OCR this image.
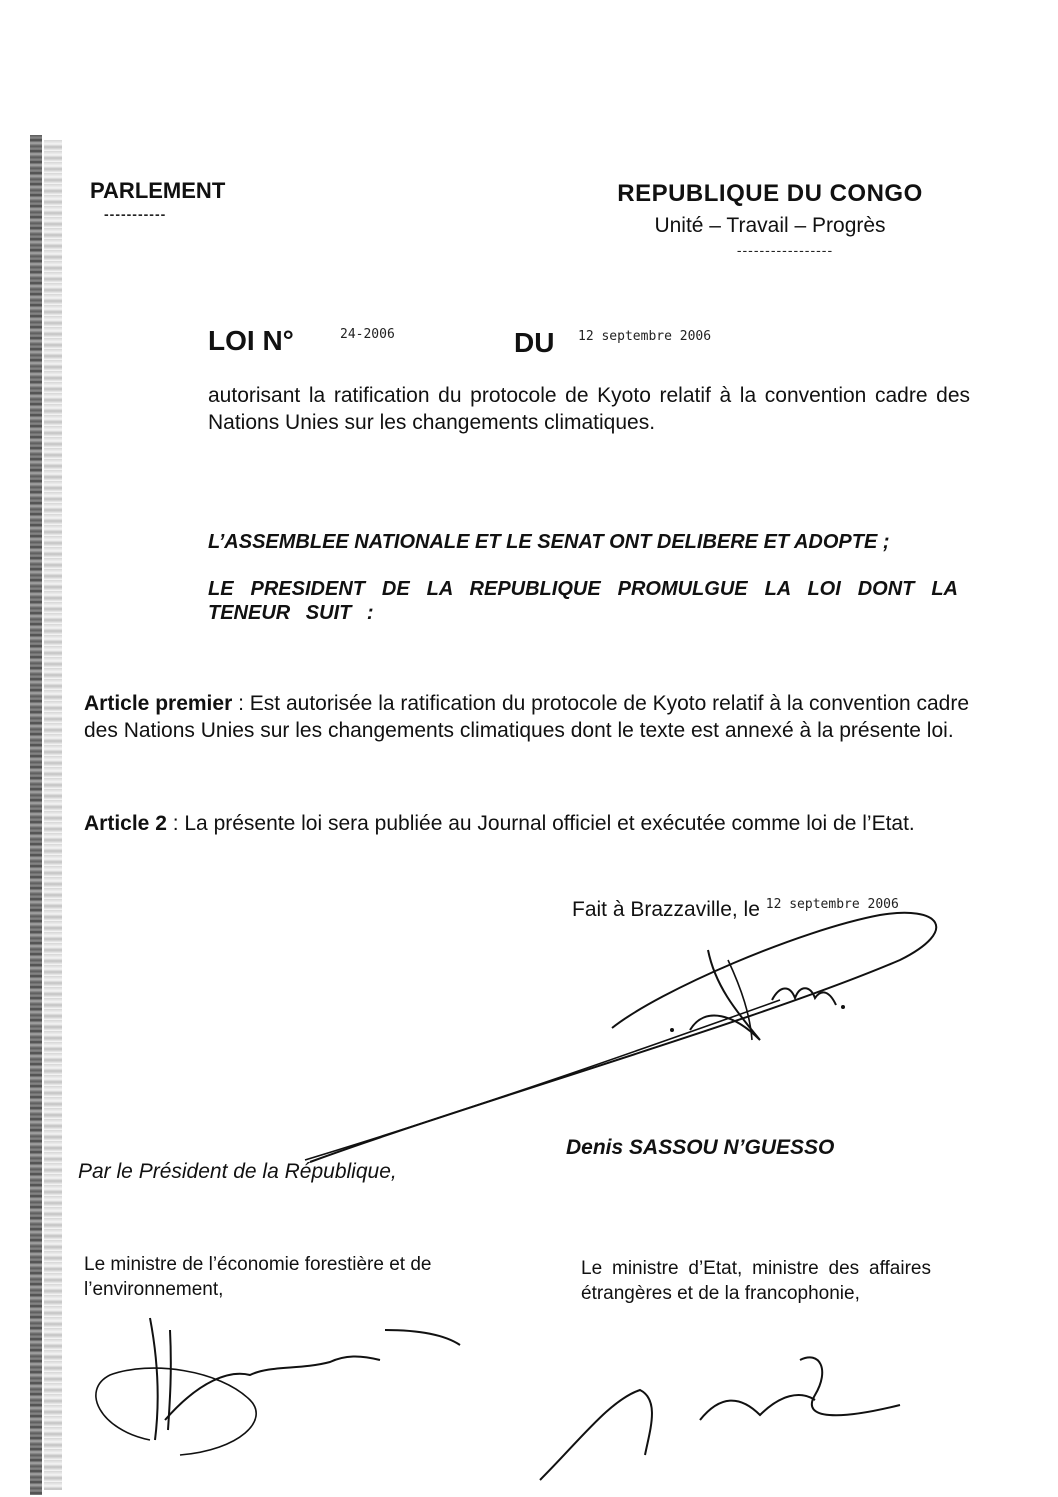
PARLEMENT
-----------
REPUBLIQUE DU CONGO
Unité – Travail – Progrès
-----------------
LOI N°	24-2006	DU 12 septembre 2006
autorisant la ratification du protocole de Kyoto relatif à la convention cadre des Nations Unies sur les changements climatiques.
L’ASSEMBLEE NATIONALE ET LE SENAT ONT DELIBERE ET ADOPTE ;
LE PRESIDENT DE LA REPUBLIQUE PROMULGUE LA LOI DONT LA TENEUR SUIT :
Article premier : Est autorisée la ratification du protocole de Kyoto relatif à la convention cadre des Nations Unies sur les changements climatiques dont le texte est annexé à la présente loi.
Article 2 : La présente loi sera publiée au Journal officiel et exécutée comme loi de l’Etat.
Fait à Brazzaville, le $^{12 septembre 2006}$
Denis SASSOU N’GUESSO
Par le Président de la République,
Le ministre de l’économie forestière et de l’environnement,
Le ministre d’Etat, ministre des affaires étrangères et de la francophonie,
